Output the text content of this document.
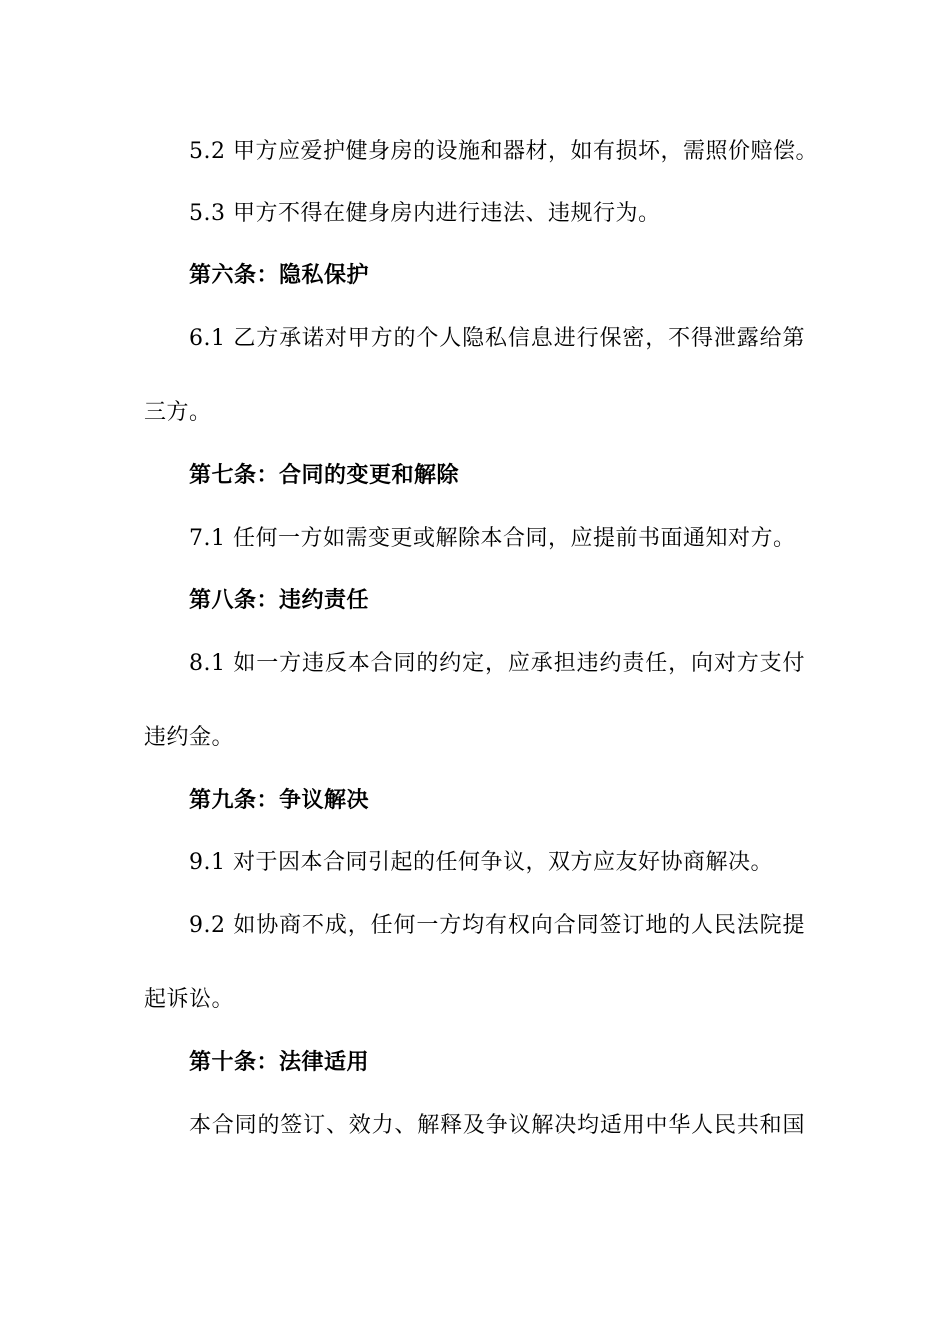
5.2 甲方应爱护健身房的设施和器材，如有损坏，需照价赔偿。
5.3 甲方不得在健身房内进行违法、违规行为。
第六条：隐私保护
6.1 乙方承诺对甲方的个人隐私信息进行保密，不得泄露给第
三方。
第七条：合同的变更和解除
7.1 任何一方如需变更或解除本合同，应提前书面通知对方。
第八条：违约责任
8.1 如一方违反本合同的约定，应承担违约责任，向对方支付
违约金。
第九条：争议解决
9.1 对于因本合同引起的任何争议，双方应友好协商解决。
9.2 如协商不成，任何一方均有权向合同签订地的人民法院提
起诉讼。
第十条：法律适用
本合同的签订、效力、解释及争议解决均适用中华人民共和国
